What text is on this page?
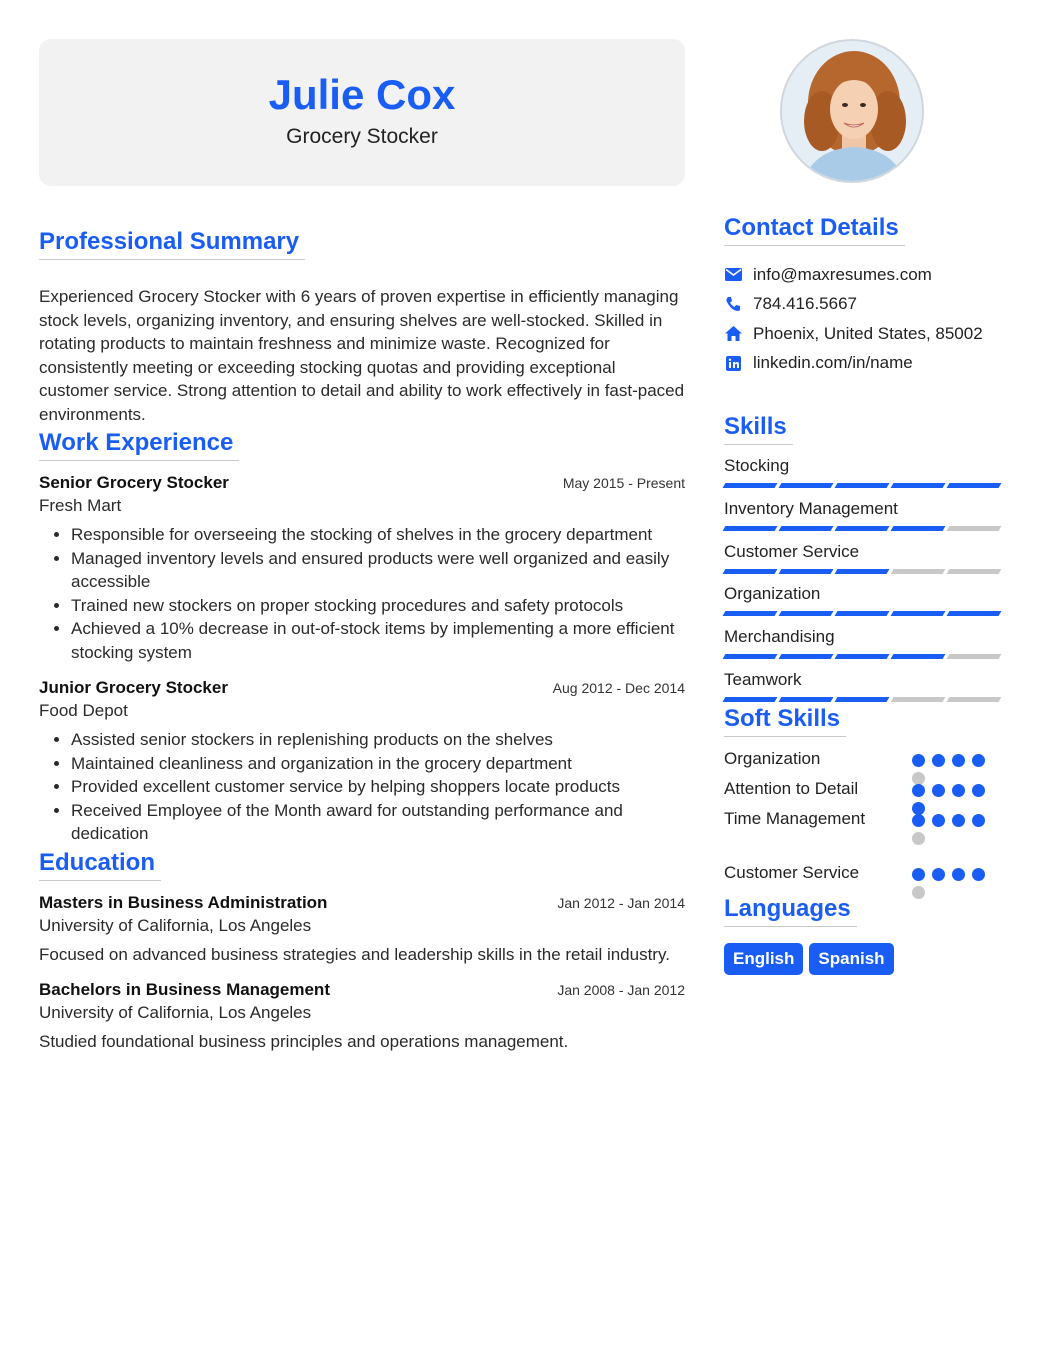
Julie Cox
Grocery Stocker
Professional Summary

Experienced Grocery Stocker with 6 years of proven expertise in efficiently managing stock levels, organizing inventory, and ensuring shelves are well-stocked. Skilled in rotating products to maintain freshness and minimize waste. Recognized for consistently meeting or exceeding stocking quotas and providing exceptional customer service. Strong attention to detail and ability to work effectively in fast-paced environments.

Work Experience
Senior Grocery Stocker	May 2015 - Present
Fresh Mart
• Responsible for overseeing the stocking of shelves in the grocery department
• Managed inventory levels and ensured products were well organized and easily accessible
• Trained new stockers on proper stocking procedures and safety protocols
• Achieved a 10% decrease in out-of-stock items by implementing a more efficient stocking system
Junior Grocery Stocker	Aug 2012 - Dec 2014
Food Depot
• Assisted senior stockers in replenishing products on the shelves
• Maintained cleanliness and organization in the grocery department
• Provided excellent customer service by helping shoppers locate products
• Received Employee of the Month award for outstanding performance and dedication
Education
Masters in Business Administration	Jan 2012 - Jan 2014
University of California, Los Angeles

Focused on advanced business strategies and leadership skills in the retail industry.

Bachelors in Business Management	Jan 2008 - Jan 2012
University of California, Los Angeles

Studied foundational business principles and operations management.

Contact Details
info@maxresumes.com
784.416.5667
Phoenix, United States, 85002
linkedin.com/in/name
Skills
Stocking
Inventory Management
Customer Service
Organization
Merchandising
Teamwork
Soft Skills
Organization
Attention to Detail
Time Management
Customer Service
Languages
English	Spanish
